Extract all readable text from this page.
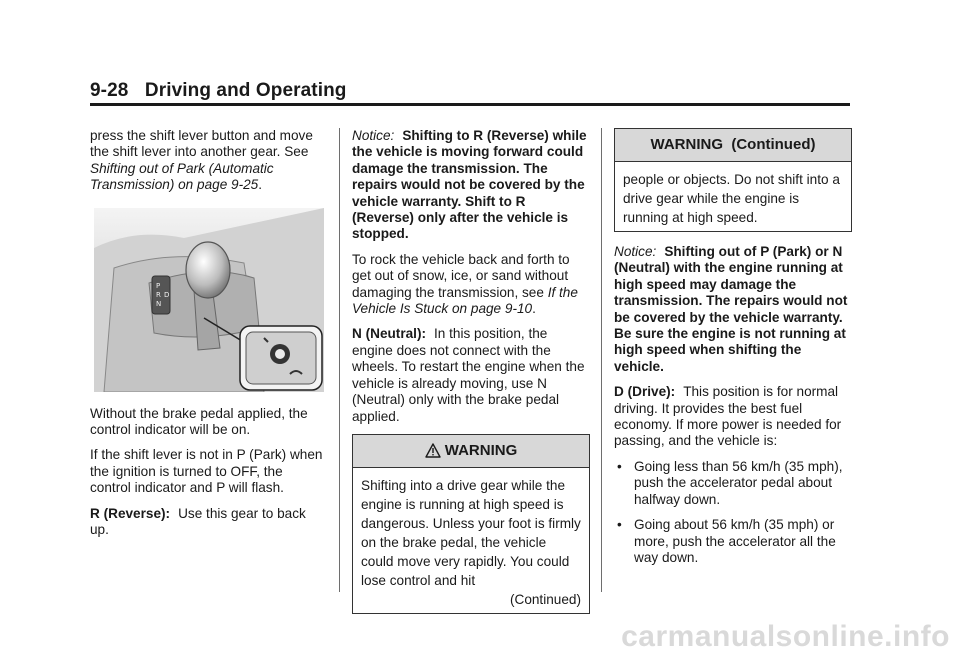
9-28 Driving and Operating

press the shift lever button and move the shift lever into another gear. See Shifting out of Park (Automatic Transmission) on page 9-25.

P
R
N
D

Without the brake pedal applied, the control indicator will be on.

If the shift lever is not in P (Park) when the ignition is turned to OFF, the control indicator and P will flash.

R (Reverse): Use this gear to back up.

Notice: Shifting to R (Reverse) while the vehicle is moving forward could damage the transmission. The repairs would not be covered by the vehicle warranty. Shift to R (Reverse) only after the vehicle is stopped.

To rock the vehicle back and forth to get out of snow, ice, or sand without damaging the transmission, see If the Vehicle Is Stuck on page 9-10.

N (Neutral): In this position, the engine does not connect with the wheels. To restart the engine when the vehicle is already moving, use N (Neutral) only with the brake pedal applied.

WARNING
Shifting into a drive gear while the engine is running at high speed is dangerous. Unless your foot is firmly on the brake pedal, the vehicle could move very rapidly. You could lose control and hit
(Continued)
WARNING  (Continued)
people or objects. Do not shift into a drive gear while the engine is running at high speed.

Notice: Shifting out of P (Park) or N (Neutral) with the engine running at high speed may damage the transmission. The repairs would not be covered by the vehicle warranty. Be sure the engine is not running at high speed when shifting the vehicle.

D (Drive): This position is for normal driving. It provides the best fuel economy. If more power is needed for passing, and the vehicle is:

• Going less than 56 km/h (35 mph), push the accelerator pedal about halfway down.
• Going about 56 km/h (35 mph) or more, push the accelerator all the way down.
carmanualsonline.info
